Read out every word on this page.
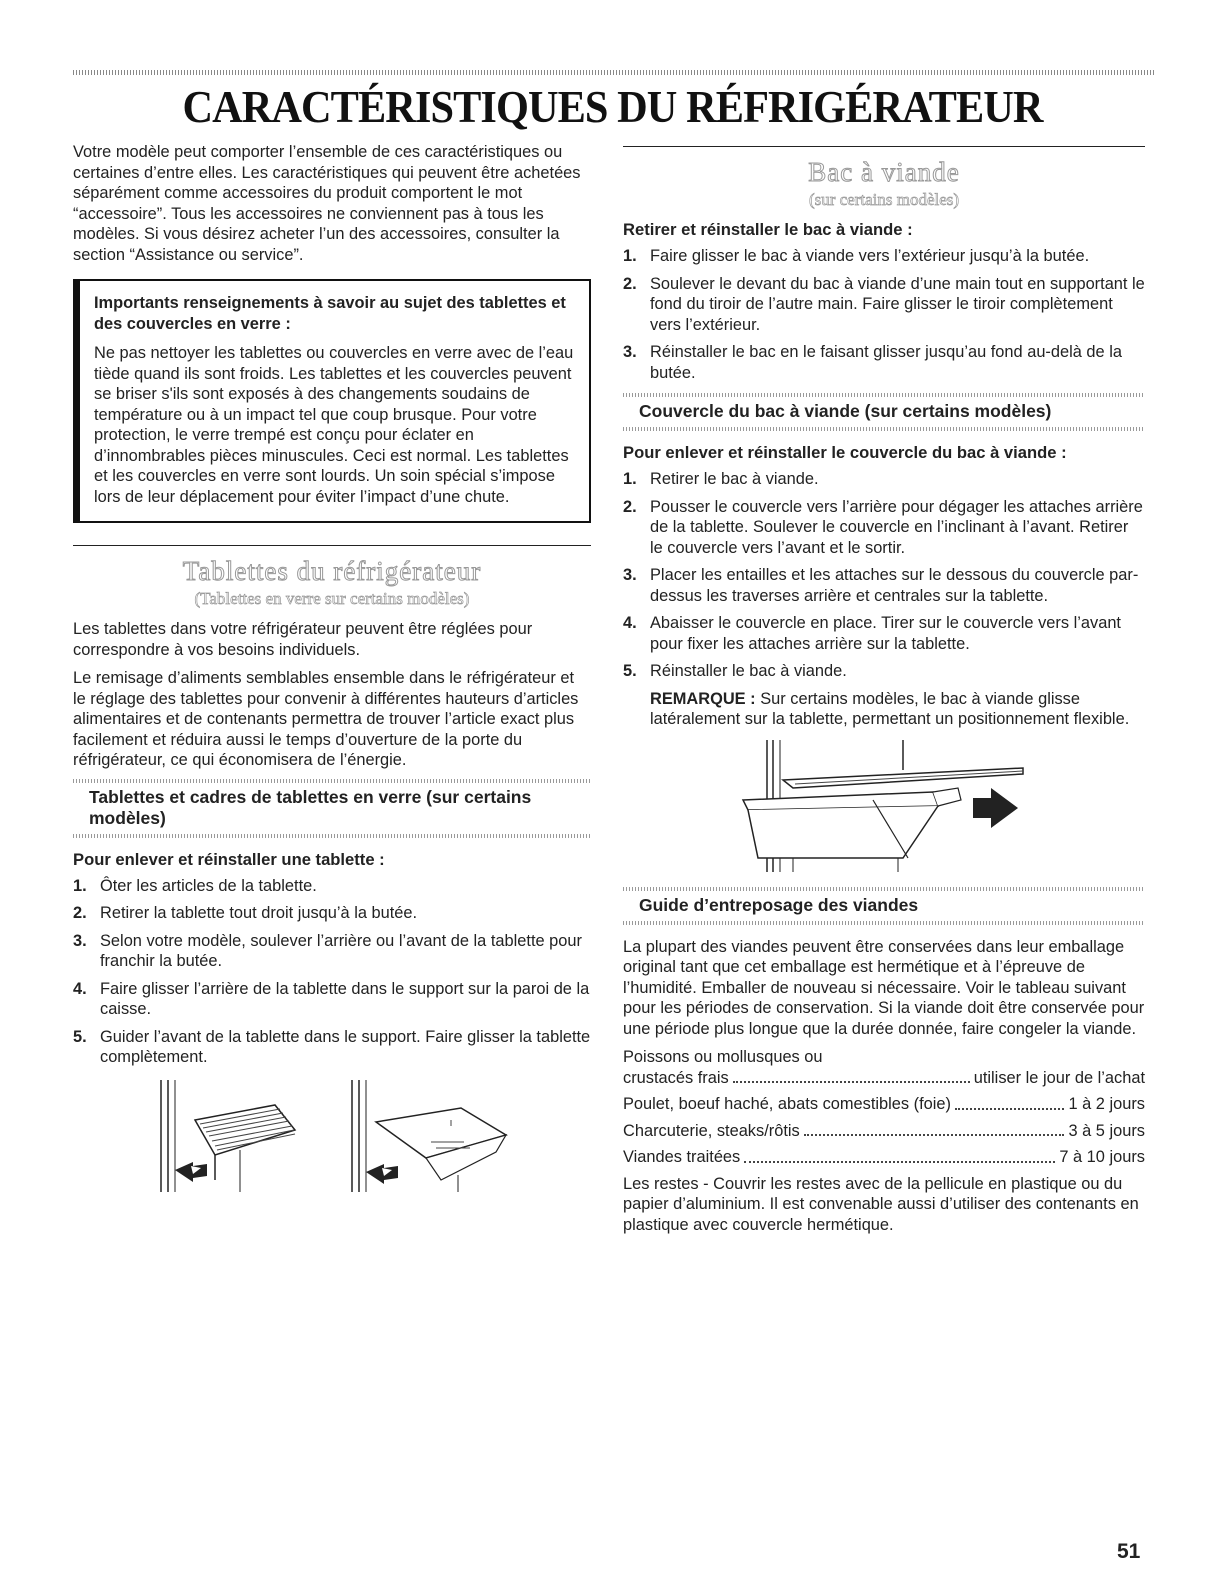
CARACTÉRISTIQUES DU RÉFRIGÉRATEUR

Votre modèle peut comporter l’ensemble de ces caractéristiques ou certaines d’entre elles. Les caractéristiques qui peuvent être achetées séparément comme accessoires du produit comportent le mot “accessoire”. Tous les accessoires ne conviennent pas à tous les modèles. Si vous désirez acheter l’un des accessoires, consulter la section “Assistance ou service”.

Importants renseignements à savoir au sujet des tablettes et des couvercles en verre :

Ne pas nettoyer les tablettes ou couvercles en verre avec de l’eau tiède quand ils sont froids. Les tablettes et les couvercles peuvent se briser s'ils sont exposés à des changements soudains de température ou à un impact tel que coup brusque. Pour votre protection, le verre trempé est conçu pour éclater en d’innombrables pièces minuscules. Ceci est normal. Les tablettes et les couvercles en verre sont lourds. Un soin spécial s’impose lors de leur déplacement pour éviter l’impact d’une chute.

Tablettes du réfrigérateur
(Tablettes en verre sur certains modèles)

Les tablettes dans votre réfrigérateur peuvent être réglées pour correspondre à vos besoins individuels.

Le remisage d’aliments semblables ensemble dans le réfrigérateur et le réglage des tablettes pour convenir à différentes hauteurs d’articles alimentaires et de contenants permettra de trouver l’article exact plus facilement et réduira aussi le temps d’ouverture de la porte du réfrigérateur, ce qui économisera de l’énergie.

Tablettes et cadres de tablettes en verre (sur certains modèles)
Pour enlever et réinstaller une tablette :
1. Ôter les articles de la tablette.
2. Retirer la tablette tout droit jusqu’à la butée.
3. Selon votre modèle, soulever l’arrière ou l’avant de la tablette pour franchir la butée.
4. Faire glisser l’arrière de la tablette dans le support sur la paroi de la caisse.
5. Guider l’avant de la tablette dans le support. Faire glisser la tablette complètement.
Bac à viande
(sur certains modèles)
Retirer et réinstaller le bac à viande :
1. Faire glisser le bac à viande vers l’extérieur jusqu’à la butée.
2. Soulever le devant du bac à viande d’une main tout en supportant le fond du tiroir de l’autre main. Faire glisser le tiroir complètement vers l’extérieur.
3. Réinstaller le bac en le faisant glisser jusqu’au fond au-delà de la butée.
Couvercle du bac à viande (sur certains modèles)
Pour enlever et réinstaller le couvercle du bac à viande :
1. Retirer le bac à viande.
2. Pousser le couvercle vers l’arrière pour dégager les attaches arrière de la tablette. Soulever le couvercle en l’inclinant à l’avant. Retirer le couvercle vers l’avant et le sortir.
3. Placer les entailles et les attaches sur le dessous du couvercle par-dessus les traverses arrière et centrales sur la tablette.
4. Abaisser le couvercle en place. Tirer sur le couvercle vers l’avant pour fixer les attaches arrière sur la tablette.
5. Réinstaller le bac à viande.
REMARQUE : Sur certains modèles, le bac à viande glisse latéralement sur la tablette, permettant un positionnement flexible.
Guide d’entreposage des viandes

La plupart des viandes peuvent être conservées dans leur emballage original tant que cet emballage est hermétique et à l’épreuve de l’humidité. Emballer de nouveau si nécessaire. Voir le tableau suivant pour les périodes de conservation. Si la viande doit être conservée pour une période plus longue que la durée donnée, faire congeler la viande.

Poissons ou mollusques ou
crustacés frais	utiliser le jour de l’achat
Poulet, boeuf haché, abats comestibles (foie)	1 à 2 jours
Charcuterie, steaks/rôtis	3 à 5 jours
Viandes traitées	7 à 10 jours

Les restes - Couvrir les restes avec de la pellicule en plastique ou du papier d’aluminium. Il est convenable aussi d’utiliser des contenants en plastique avec couvercle hermétique.

51
